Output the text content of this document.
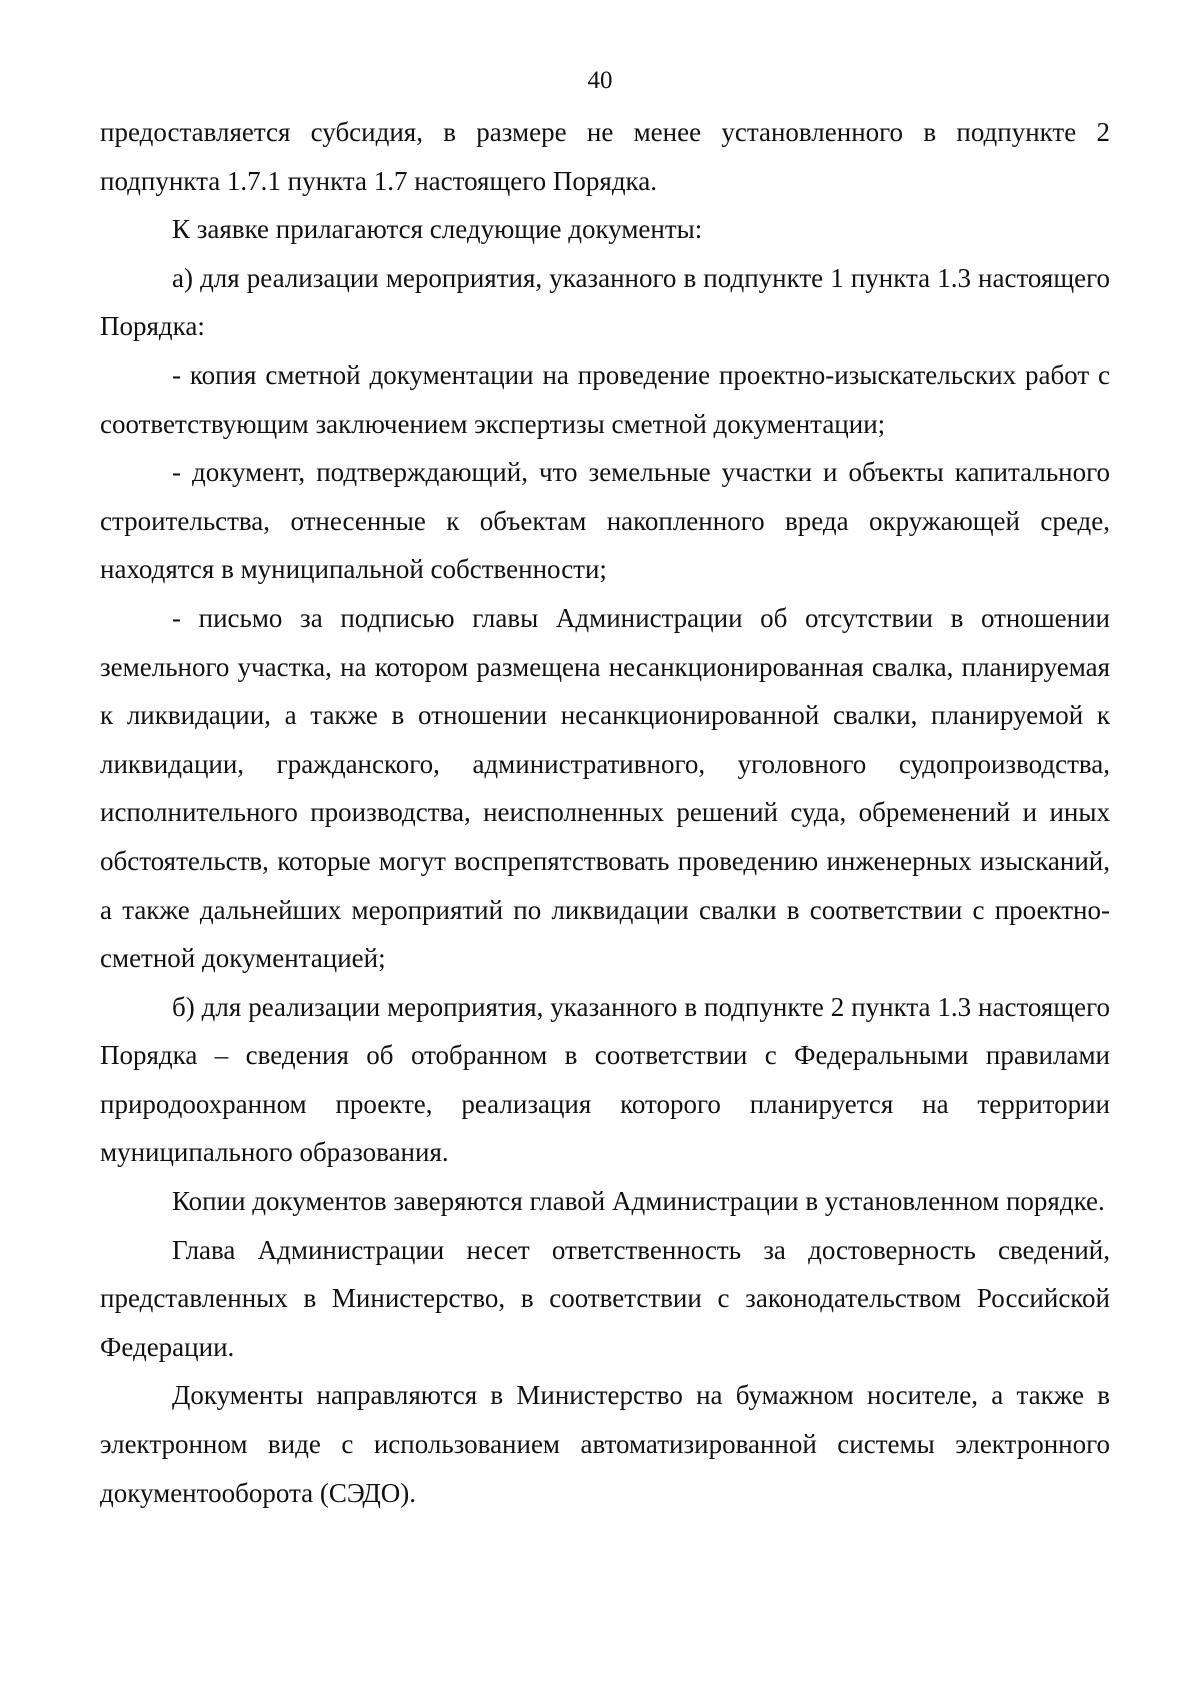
40

предоставляется субсидия, в размере не менее установленного в подпункте 2 подпункта 1.7.1 пункта 1.7 настоящего Порядка.

К заявке прилагаются следующие документы:

а) для реализации мероприятия, указанного в подпункте 1 пункта 1.3 настоящего Порядка:

- копия сметной документации на проведение проектно-изыскательских работ с соответствующим заключением экспертизы сметной документации;

- документ, подтверждающий, что земельные участки и объекты капитального строительства, отнесенные к объектам накопленного вреда окружающей среде, находятся в муниципальной собственности;

- письмо за подписью главы Администрации об отсутствии в отношении земельного участка, на котором размещена несанкционированная свалка, планируемая к ликвидации, а также в отношении несанкционированной свалки, планируемой к ликвидации, гражданского, административного, уголовного судопроизводства, исполнительного производства, неисполненных решений суда, обременений и иных обстоятельств, которые могут воспрепятствовать проведению инженерных изысканий, а также дальнейших мероприятий по ликвидации свалки в соответствии с проектно-сметной документацией;

б) для реализации мероприятия, указанного в подпункте 2 пункта 1.3 настоящего Порядка – сведения об отобранном в соответствии с Федеральными правилами природоохранном проекте, реализация которого планируется на территории муниципального образования.

Копии документов заверяются главой Администрации в установленном порядке.

Глава Администрации несет ответственность за достоверность сведений, представленных в Министерство, в соответствии с законодательством Российской Федерации.

Документы направляются в Министерство на бумажном носителе, а также в электронном виде с использованием автоматизированной системы электронного документооборота (СЭДО).
